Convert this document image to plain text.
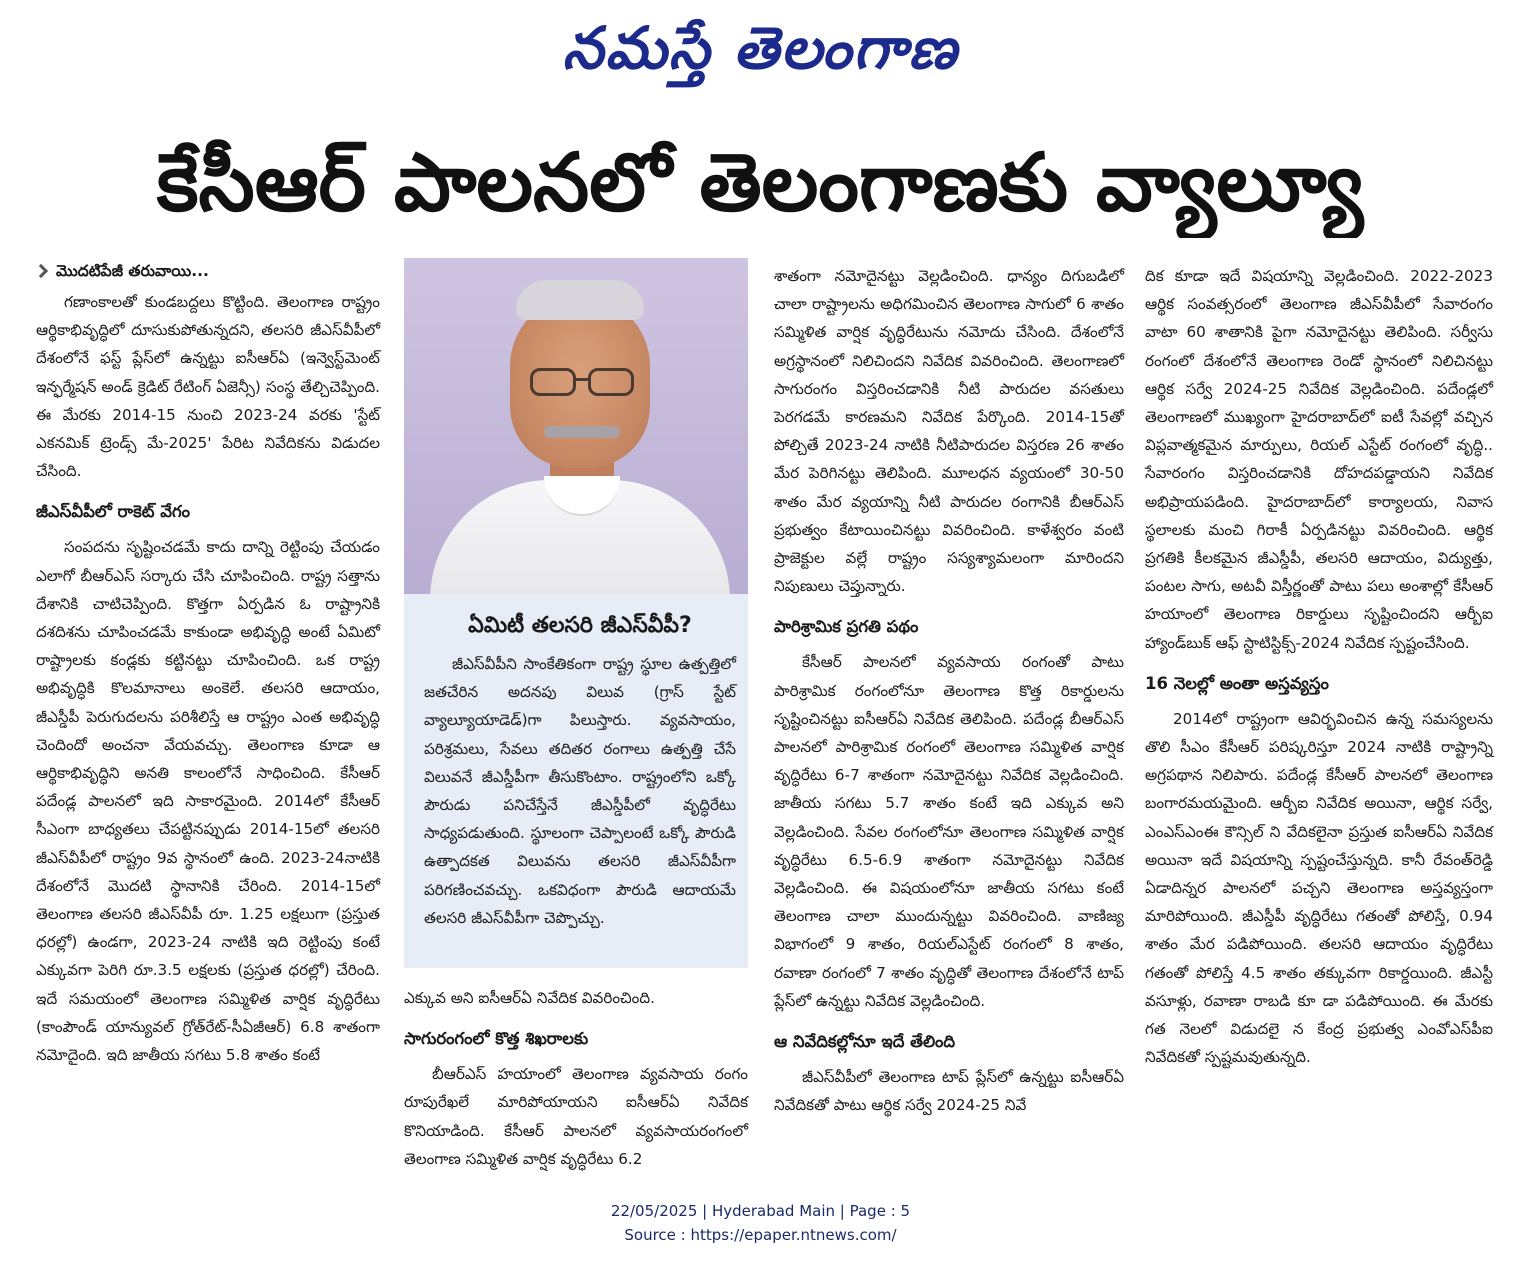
నమస్తే తెలంగాణ
కేసీఆర్‌ పాలనలో తెలంగాణకు వ్యాల్యూ
మొదటిపేజీ తరువాయి...

గణాంకాలతో కుండబద్దలు కొట్టింది. తెలంగాణ రాష్ట్రం ఆర్థికాభివృద్ధిలో దూసుకుపోతున్నదని, తలసరి జీఎస్‌వీపీలో దేశంలోనే ఫస్ట్‌ ప్లేస్‌లో ఉన్నట్టు ఐసీఆర్‌ఏ (ఇన్వెస్ట్‌మెంట్‌ ఇన్ఫర్మేషన్‌ అండ్‌ క్రెడిట్‌ రేటింగ్‌ ఏజెన్సీ) సంస్థ తేల్చిచెప్పింది. ఈ మేరకు 2014-15 నుంచి 2023-24 వరకు 'స్టేట్‌ ఎకనమిక్‌ ట్రెండ్స్‌ మే-2025' పేరిట నివేదికను విడుదల చేసింది.

జీఎస్‌వీపీలో రాకెట్‌ వేగం

సంపదను సృష్టించడమే కాదు దాన్ని రెట్టింపు చేయడం ఎలాగో బీఆర్‌ఎస్‌ సర్కారు చేసి చూపించింది. రాష్ట్ర సత్తాను దేశానికి చాటిచెప్పింది. కొత్తగా ఏర్పడిన ఓ రాష్ట్రానికి దశదిశను చూపించడమే కాకుండా అభివృద్ధి అంటే ఏమిటో రాష్ట్రాలకు కండ్లకు కట్టినట్టు చూపించింది. ఒక రాష్ట్ర అభివృద్ధికి కొలమానాలు అంకెలే. తలసరి ఆదాయం, జీఎస్డీపీ పెరుగుదలను పరిశీలిస్తే ఆ రాష్ట్రం ఎంత అభివృద్ధి చెందిందో అంచనా వేయవచ్చు. తెలంగాణ కూడా ఆ ఆర్థికాభివృద్ధిని అనతి కాలంలోనే సాధించింది. కేసీఆర్‌ పదేండ్ల పాలనలో ఇది సాకారమైంది. 2014లో కేసీఆర్‌ సీఎంగా బాధ్యతలు చేపట్టినప్పుడు 2014-15లో తలసరి జీఎస్‌వీపీలో రాష్ట్రం 9వ స్థానంలో ఉంది. 2023-24నాటికి దేశంలోనే మొదటి స్థానానికి చేరింది. 2014-15లో తెలంగాణ తలసరి జీఎస్‌వీపీ రూ. 1.25 లక్షలుగా (ప్రస్తుత ధరల్లో) ఉండగా, 2023-24 నాటికి ఇది రెట్టింపు కంటే ఎక్కువగా పెరిగి రూ.3.5 లక్షలకు (ప్రస్తుత ధరల్లో) చేరింది. ఇదే సమయంలో తెలంగాణ సమ్మిళిత వార్షిక వృద్ధిరేటు (కాంపౌండ్‌ యాన్యువల్‌ గ్రోత్‌రేట్‌-సీఏజీఆర్‌) 6.8 శాతంగా నమోదైంది. ఇది జాతీయ సగటు 5.8 శాతం కంటే

ఏమిటీ తలసరి జీఎస్‌వీపీ?

జీఎస్‌వీపీని సాంకేతికంగా రాష్ట్ర స్థూల ఉత్పత్తిలో జతచేరిన అదనపు విలువ (గ్రాస్‌ స్టేట్‌ వ్యాల్యూయాడెడ్‌)గా పిలుస్తారు. వ్యవసాయం, పరిశ్రమలు, సేవలు తదితర రంగాలు ఉత్పత్తి చేసే విలువనే జీఎస్డీపీగా తీసుకొంటాం. రాష్ట్రంలోని ఒక్కో పౌరుడు పనిచేస్తేనే జీఎస్డీపీలో వృద్ధిరేటు సాధ్యపడుతుంది. స్థూలంగా చెప్పాలంటే ఒక్కో పౌరుడి ఉత్పాదకత విలువను తలసరి జీఎస్‌వీపీగా పరిగణించవచ్చు. ఒకవిధంగా పౌరుడి ఆదాయమే తలసరి జీఎస్‌వీపీగా చెప్పొచ్చు.

ఎక్కువ అని ఐసీఆర్‌ఏ నివేదిక వివరించింది.

సాగురంగంలో కొత్త శిఖరాలకు

బీఆర్‌ఎస్‌ హయాంలో తెలంగాణ వ్యవసాయ రంగం రూపురేఖలే మారిపోయాయని ఐసీఆర్‌ఏ నివేదిక కొనియాడింది. కేసీఆర్‌ పాలనలో వ్యవసాయరంగంలో తెలంగాణ సమ్మిళిత వార్షిక వృద్ధిరేటు 6.2

శాతంగా నమోదైనట్టు వెల్లడించింది. ధాన్యం దిగుబడిలో చాలా రాష్ట్రాలను అధిగమించిన తెలంగాణ సాగులో 6 శాతం సమ్మిళిత వార్షిక వృద్ధిరేటును నమోదు చేసింది. దేశంలోనే అగ్రస్థానంలో నిలిచిందని నివేదిక వివరించింది. తెలంగాణలో సాగురంగం విస్తరించడానికి నీటి పారుదల వసతులు పెరగడమే కారణమని నివేదిక పేర్కొంది. 2014-15తో పోల్చితే 2023-24 నాటికి నీటిపారుదల విస్తరణ 26 శాతం మేర పెరిగినట్టు తెలిపింది. మూలధన వ్యయంలో 30-50 శాతం మేర వ్యయాన్ని నీటి పారుదల రంగానికి బీఆర్‌ఎస్‌ ప్రభుత్వం కేటాయించినట్టు వివరించింది. కాళేశ్వరం వంటి ప్రాజెక్టుల వల్లే రాష్ట్రం సస్యశ్యామలంగా మారిందని నిపుణులు చెప్తున్నారు.

పారిశ్రామిక ప్రగతి పథం

కేసీఆర్‌ పాలనలో వ్యవసాయ రంగంతో పాటు పారిశ్రామిక రంగంలోనూ తెలంగాణ కొత్త రికార్డులను సృష్టించినట్టు ఐసీఆర్‌ఏ నివేదిక తెలిపింది. పదేండ్ల బీఆర్‌ఎస్‌ పాలనలో పారిశ్రామిక రంగంలో తెలంగాణ సమ్మిళిత వార్షిక వృద్ధిరేటు 6-7 శాతంగా నమోదైనట్టు నివేదిక వెల్లడించింది. జాతీయ సగటు 5.7 శాతం కంటే ఇది ఎక్కువ అని వెల్లడించింది. సేవల రంగంలోనూ తెలంగాణ సమ్మిళిత వార్షిక వృద్ధిరేటు 6.5-6.9 శాతంగా నమోదైనట్టు నివేదిక వెల్లడించింది. ఈ విషయంలోనూ జాతీయ సగటు కంటే తెలంగాణ చాలా ముందున్నట్టు వివరించింది. వాణిజ్య విభాగంలో 9 శాతం, రియల్‌ఎస్టేట్‌ రంగంలో 8 శాతం, రవాణా రంగంలో 7 శాతం వృద్ధితో తెలంగాణ దేశంలోనే టాప్‌ ప్లేస్‌లో ఉన్నట్టు నివేదిక వెల్లడించింది.

ఆ నివేదికల్లోనూ ఇదే తేలింది

జీఎస్‌వీపీలో తెలంగాణ టాప్‌ ప్లేస్‌లో ఉన్నట్టు ఐసీఆర్‌ఏ నివేదికతో పాటు ఆర్థిక సర్వే 2024-25 నివే

దిక కూడా ఇదే విషయాన్ని వెల్లడించింది. 2022-2023 ఆర్థిక సంవత్సరంలో తెలంగాణ జీఎస్‌వీపీలో సేవారంగం వాటా 60 శాతానికి పైగా నమోదైనట్టు తెలిపింది. సర్వీసు రంగంలో దేశంలోనే తెలంగాణ రెండో స్థానంలో నిలిచినట్టు ఆర్థిక సర్వే 2024-25 నివేదిక వెల్లడించింది. పదేండ్లలో తెలంగాణలో ముఖ్యంగా హైదరాబాద్‌లో ఐటీ సేవల్లో వచ్చిన విప్లవాత్మకమైన మార్పులు, రియల్‌ ఎస్టేట్‌ రంగంలో వృద్ధి.. సేవారంగం విస్తరించడానికి దోహదపడ్డాయని నివేదిక అభిప్రాయపడింది. హైదరాబాద్‌లో కార్యాలయ, నివాస స్థలాలకు మంచి గిరాకీ ఏర్పడినట్టు వివరించింది. ఆర్థిక ప్రగతికి కీలకమైన జీఎస్డీపీ, తలసరి ఆదాయం, విద్యుత్తు, పంటల సాగు, అటవీ విస్తీర్ణంతో పాటు పలు అంశాల్లో కేసీఆర్‌ హయాంలో తెలంగాణ రికార్డులు సృష్టించిందని ఆర్బీఐ హ్యాండ్‌బుక్‌ ఆఫ్‌ స్టాటిస్టిక్స్‌-2024 నివేదిక స్పష్టంచేసింది.

16 నెలల్లో అంతా అస్తవ్యస్తం

2014లో రాష్ట్రంగా ఆవిర్భవించిన ఉన్న సమస్యలను తొలి సీఎం కేసీఆర్‌ పరిష్కరిస్తూ 2024 నాటికి రాష్ట్రాన్ని అగ్రపథాన నిలిపారు. పదేండ్ల కేసీఆర్‌ పాలనలో తెలంగాణ బంగారమయమైంది. ఆర్బీఐ నివేదిక అయినా, ఆర్థిక సర్వే, ఎంఎస్‌ఎంఈ కౌన్సిల్‌ ని వేదికలైనా ప్రస్తుత ఐసీఆర్‌ఏ నివేదిక అయినా ఇదే విషయాన్ని స్పష్టంచేస్తున్నది. కానీ రేవంత్‌రెడ్డి ఏడాదిన్నర పాలనలో పచ్చని తెలంగాణ అస్తవ్యస్తంగా మారిపోయింది. జీఎస్డీపీ వృద్ధిరేటు గతంతో పోలిస్తే, 0.94 శాతం మేర పడిపోయింది. తలసరి ఆదాయం వృద్ధిరేటు గతంతో పోలిస్తే 4.5 శాతం తక్కువగా రికార్డయింది. జీఎస్టీ వసూళ్లు, రవాణా రాబడి కూ డా పడిపోయింది. ఈ మేరకు గత నెలలో విడుదలై న కేంద్ర ప్రభుత్వ ఎంవోఎస్‌పీఐ నివేదికతో స్పష్టమవుతున్నది.

22/05/2025 | Hyderabad Main | Page : 5
Source : https://epaper.ntnews.com/
